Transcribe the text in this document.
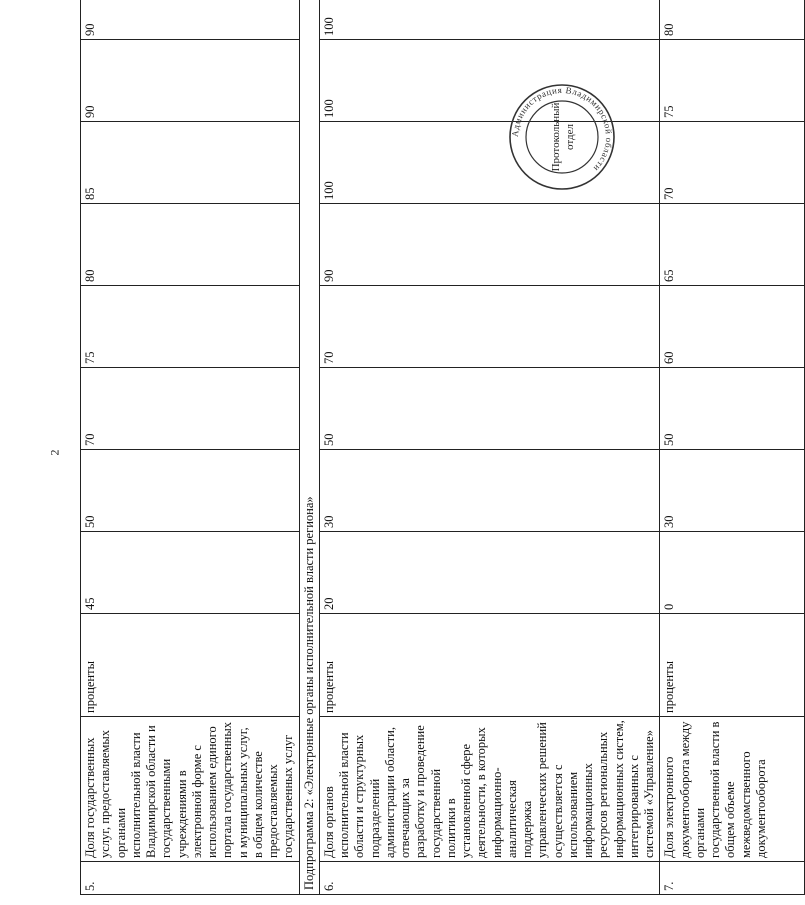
2
5.	Доля государственных услуг, предоставляемых органами исполнительной власти Владимирской области и государственными учреждениями в электронной форме с использованием единого портала государственных и муниципальных услуг, в общем количестве предоставляемых государственных услуг	проценты	45	50	70	75	80	85	90	90
Подпрограмма 2: «Электронные органы исполнительной власти региона»										
6.	Доля органов исполнительной власти области и структурных подразделений администрации области, отвечающих за разработку и проведение государственной политики в установленной сфере деятельности, в которых информационно-аналитическая поддержка управленческих решений осуществляется с использованием информационных ресурсов региональных информационных систем, интегрированных с системой «Управление»	проценты	20	30	50	70	90	100	100	100
7.	Доля электронного документооборота между органами государственной власти в общем объеме межведомственного документооборота	проценты	0	30	50	60	65	70	75	80
Администрация Владимирской области
Протокольный отдел
